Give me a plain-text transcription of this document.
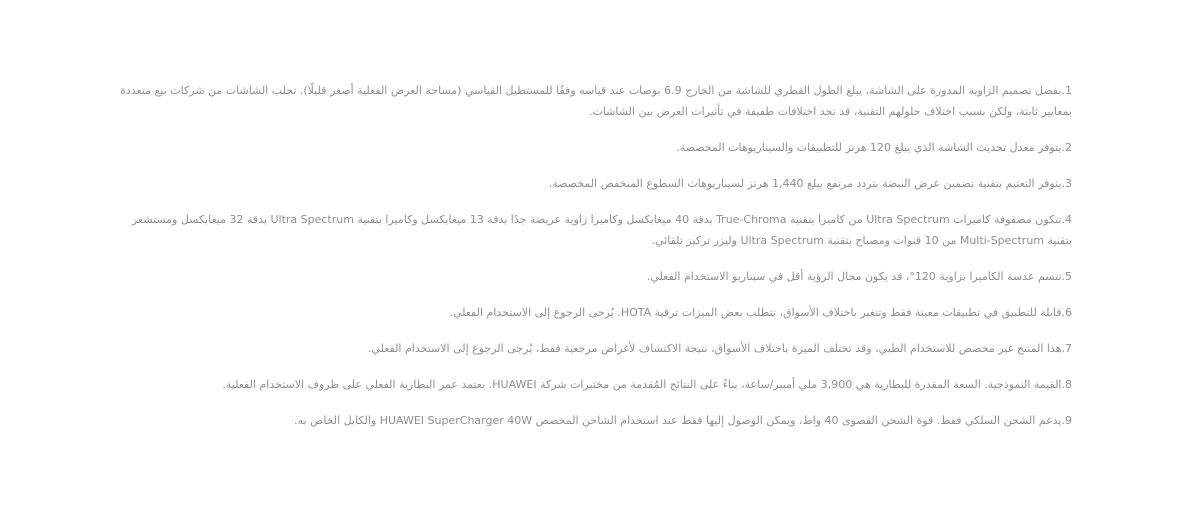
1.بفضل تصميم الزاوية المدورة على الشاشة، يبلغ الطول القطري للشاشة من الخارج 6.9 بوصات عند قياسه وفقًا للمستطيل القياسي (مساحة العرض الفعلية أصغر قليلًا). تجلب الشاشات من شركات بيع متعددة بمعايير ثابتة، ولكن بسبب اختلاف حلولهم التقنية، قد تجد اختلافات طفيفة في تأثيرات العرض بين الشاشات.

2.يتوفر معدل تحديث الشاشة الذي يبلغ 120 هرتز للتطبيقات والسيناريوهات المخصصة.

3.يتوفر التعتيم بتقنية تضمين عرض النبضة بتردد مرتفع يبلغ 1,440 هرتز لسيناريوهات السطوع المنخفض المخصصة.

4.تتكون مصفوفة كاميرات Ultra Spectrum من كاميرا بتقنية True-Chroma بدقة 40 ميغابكسل وكاميرا زاوية عريضة جدًا بدقة 13 ميغابكسل وكاميرا بتقنية Ultra Spectrum بدقة 32 ميغابكسل ومستشعر بتقنية Multi-Spectrum من 10 قنوات ومصباح بتقنية Ultra Spectrum وليزر تركيز تلقائي.

5.تتسم عدسة الكاميرا بزاوية 120°، قد يكون مجال الرؤية أقل في سيناريو الاستخدام الفعلي.

6.قابلة للتطبيق في تطبيقات معينة فقط وتتغير باختلاف الأسواق، تتطلب بعض الميزات ترقية HOTA. يُرجى الرجوع إلى الاستخدام الفعلي.

7.هذا المنتج غير مخصص للاستخدام الطبي، وقد تختلف الميزة باختلاف الأسواق، نتيجة الاكتشاف لأغراض مرجعية فقط، يُرجى الرجوع إلى الاستخدام الفعلي.

8.القيمة النموذجية. السعة المقدرة للبطارية هي 3,900 ملي أمبير/ساعة، بناءً على النتائج المُقدمة من مختبرات شركة HUAWEI. يعتمد عمر البطارية الفعلي على ظروف الاستخدام الفعلية.

9.يدعم الشحن السلكي فقط. قوة الشحن القصوى 40 واط، ويمكن الوصول إليها فقط عند استخدام الشاحن المخصص HUAWEI SuperCharger 40W والكابل الخاص به.
